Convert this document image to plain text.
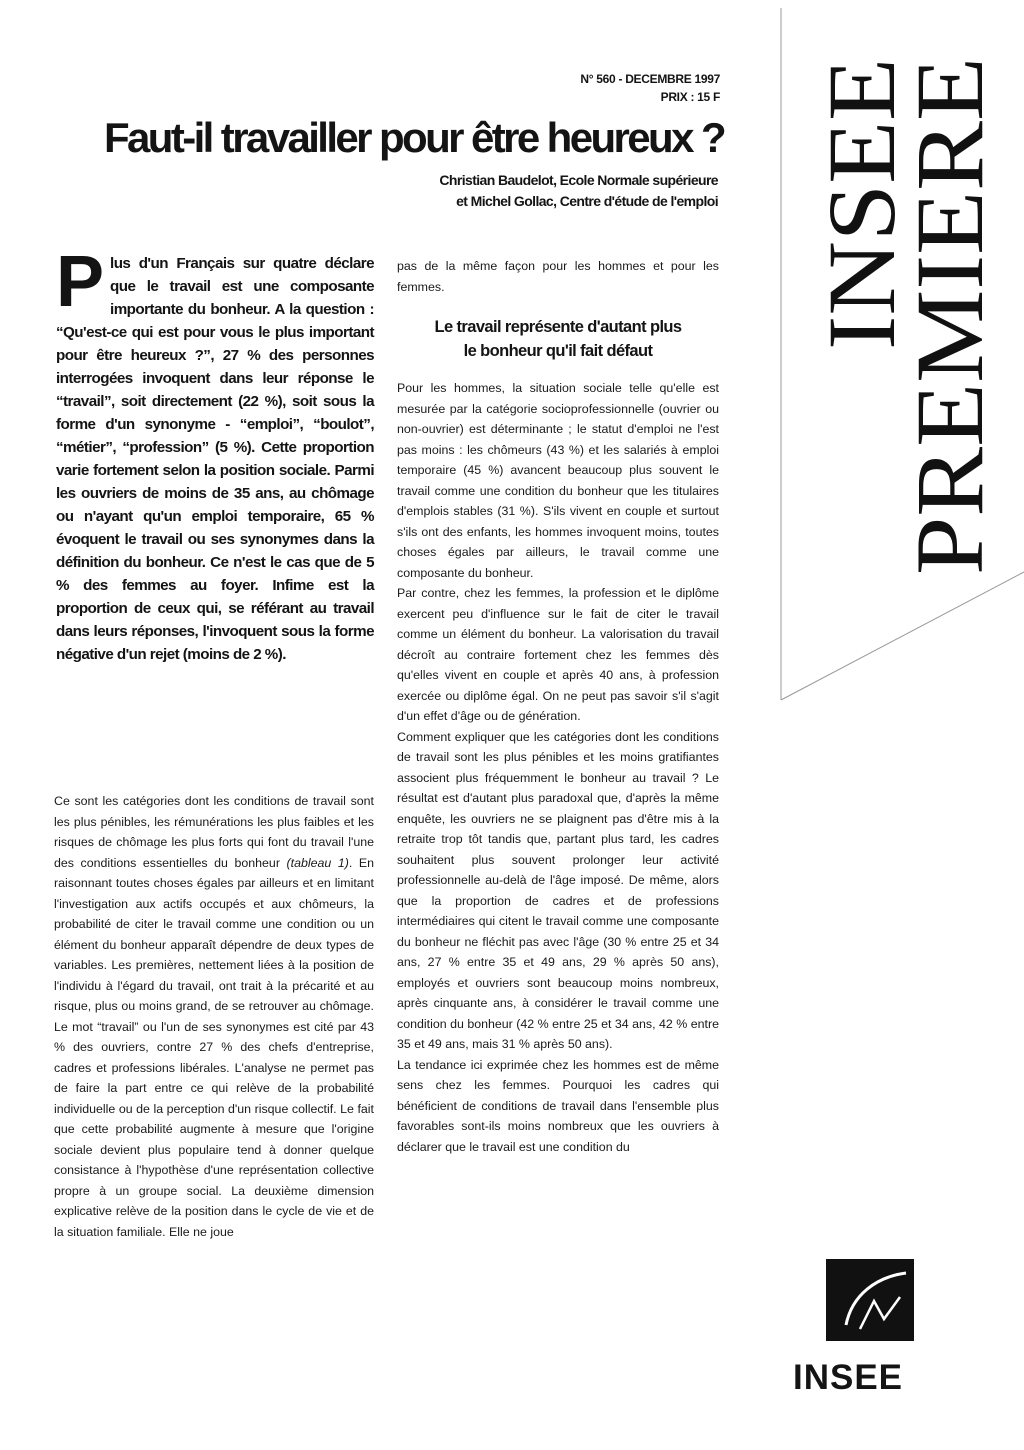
N° 560 - DECEMBRE 1997
PRIX : 15 F
Faut-il travailler pour être heureux ?
Christian Baudelot, Ecole Normale supérieure
et Michel Gollac, Centre d'étude de l'emploi INSEE
PREMIERE
Plus d'un Français sur quatre déclare que le travail est une composante importante du bonheur. A la question : “Qu'est-ce qui est pour vous le plus important pour être heureux ?”, 27 % des personnes interrogées invoquent dans leur réponse le “travail”, soit directement (22 %), soit sous la forme d'un synonyme - “emploi”, “boulot”, “métier”, “profession” (5 %). Cette proportion varie fortement selon la position sociale. Parmi les ouvriers de moins de 35 ans, au chômage ou n'ayant qu'un emploi temporaire, 65 % évoquent le travail ou ses synonymes dans la définition du bonheur. Ce n'est le cas que de 5 % des femmes au foyer. Infime est la proportion de ceux qui, se référant au travail dans leurs réponses, l'invoquent sous la forme négative d'un rejet (moins de 2 %).

Ce sont les catégories dont les conditions de travail sont les plus pénibles, les rémunérations les plus faibles et les risques de chômage les plus forts qui font du travail l'une des conditions essentielles du bonheur (tableau 1). En raisonnant toutes choses égales par ailleurs et en limitant l'investigation aux actifs occupés et aux chômeurs, la probabilité de citer le travail comme une condition ou un élément du bonheur apparaît dépendre de deux types de variables. Les premières, nettement liées à la position de l'individu à l'égard du travail, ont trait à la précarité et au risque, plus ou moins grand, de se retrouver au chômage. Le mot “travail” ou l'un de ses synonymes est cité par 43 % des ouvriers, contre 27 % des chefs d'entreprise, cadres et professions libérales. L'analyse ne permet pas de faire la part entre ce qui relève de la probabilité individuelle ou de la perception d'un risque collectif. Le fait que cette probabilité augmente à mesure que l'origine sociale devient plus populaire tend à donner quelque consistance à l'hypothèse d'une représentation collective propre à un groupe social. La deuxième dimension explicative relève de la position dans le cycle de vie et de la situation familiale. Elle ne joue

pas de la même façon pour les hommes et pour les femmes.

Le travail représente d'autant plus
le bonheur qu'il fait défaut

Pour les hommes, la situation sociale telle qu'elle est mesurée par la catégorie socioprofessionnelle (ouvrier ou non-ouvrier) est déterminante ; le statut d'emploi ne l'est pas moins : les chômeurs (43 %) et les salariés à emploi temporaire (45 %) avancent beaucoup plus souvent le travail comme une condition du bonheur que les titulaires d'emplois stables (31 %). S'ils vivent en couple et surtout s'ils ont des enfants, les hommes invoquent moins, toutes choses égales par ailleurs, le travail comme une composante du bonheur.

Par contre, chez les femmes, la profession et le diplôme exercent peu d'influence sur le fait de citer le travail comme un élément du bonheur. La valorisation du travail décroît au contraire fortement chez les femmes dès qu'elles vivent en couple et après 40 ans, à profession exercée ou diplôme égal. On ne peut pas savoir s'il s'agit d'un effet d'âge ou de génération.

Comment expliquer que les catégories dont les conditions de travail sont les plus pénibles et les moins gratifiantes associent plus fréquemment le bonheur au travail ? Le résultat est d'autant plus paradoxal que, d'après la même enquête, les ouvriers ne se plaignent pas d'être mis à la retraite trop tôt tandis que, partant plus tard, les cadres souhaitent plus souvent prolonger leur activité professionnelle au-delà de l'âge imposé. De même, alors que la proportion de cadres et de professions intermédiaires qui citent le travail comme une composante du bonheur ne fléchit pas avec l'âge (30 % entre 25 et 34 ans, 27 % entre 35 et 49 ans, 29 % après 50 ans), employés et ouvriers sont beaucoup moins nombreux, après cinquante ans, à considérer le travail comme une condition du bonheur (42 % entre 25 et 34 ans, 42 % entre 35 et 49 ans, mais 31 % après 50 ans).

La tendance ici exprimée chez les hommes est de même sens chez les femmes. Pourquoi les cadres qui bénéficient de conditions de travail dans l'ensemble plus favorables sont-ils moins nombreux que les ouvriers à déclarer que le travail est une condition du

INSEE
